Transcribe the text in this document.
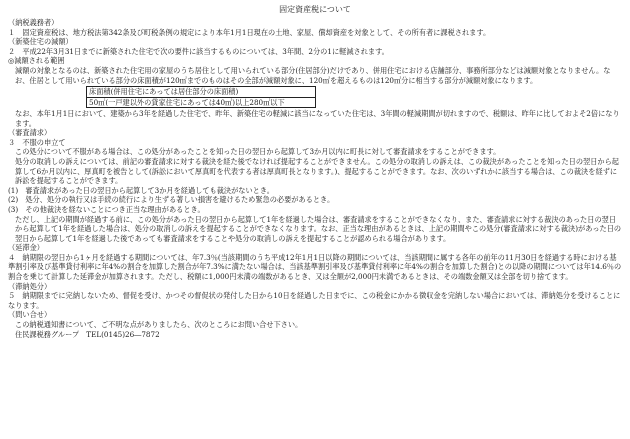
固定資産税について

（納税義務者）

１　固定資産税は、地方税法第342条及び町税条例の規定により本年1月1日現在の土地、家屋、償却資産を対象として、その所有者に課税されます。

（新築住宅の減額）

２　平成22年3月31日までに新築された住宅で次の要件に該当するものについては、3年間、2分の1に軽減されます。

◎減額される範囲

減額の対象となるのは、新築された住宅用の家屋のうち居住として用いられている部分(住居部分)だけであり、併用住宅における店舗部分、事務所部分などは減額対象となりません。なお、住居として用いられている部分の床面積が120㎡までのものはその全部が減額対象に、120㎡を超えるものは120㎡分に相当する部分が減額対象になります。

床面積(併用住宅にあっては居住部分の床面積)
50㎡(一戸建以外の貸家住宅にあっては40㎡)以上280㎡以下

なお、本年1月1日において、建築から3年を経過した住宅で、昨年、新築住宅の軽減に該当になっていた住宅は、3年間の軽減期間が切れますので、税額は、昨年に比しておよそ2倍になります。

（審査請求）

３　不服の申立て

この処分について不服がある場合は、この処分があったことを知った日の翌日から起算して3か月以内に町長に対して審査請求をすることができます。

処分の取消しの訴えについては、前記の審査請求に対する裁決を経た後でなければ提起することができません。この処分の取消しの訴えは、この裁決があったことを知った日の翌日から起算して6か月以内に、厚真町を被告として(訴訟において厚真町を代表する者は厚真町長となります。)、提起することができます。なお、次のいずれかに該当する場合は、この裁決を経ずに訴訟を提起することができます。

(1)　審査請求があった日の翌日から起算して3か月を経過しても裁決がないとき。

(2)　処分、処分の執行又は手続の続行により生ずる著しい損害を避けるため緊急の必要があるとき。

(3)　その他裁決を経ないことにつき正当な理由があるとき。

ただし、上記の期間が経過する前に、この処分があった日の翌日から起算して1年を経過した場合は、審査請求をすることができなくなり、また、審査請求に対する裁決のあった日の翌日から起算して1年を経過した場合は、処分の取消しの訴えを提起することができなくなります。なお、正当な理由があるときは、上記の期間やこの処分(審査請求に対する裁決)があった日の翌日から起算して1年を経過した後であっても審査請求をすることや処分の取消しの訴えを提起することが認められる場合があります。

（延滞金）

４　納期限の翌日から1ヶ月を経過する期間については、年7.3％(当該期間のうち平成12年1月1日以降の期間については、当該期間に属する各年の前年の11月30日を経過する時における基準割引率及び基準貸付利率に年4%の割合を加算した割合が年7.3%に満たない場合は、当該基準割引率及び基準貸付利率に年4%の割合を加算した割合)との以降の期間については年14.6％の割合を乗じて計算した延滞金が加算されます。ただし、税額に1,000円未満の端数があるとき、又は全額が2,000円未満であるときは、その端数金額又は全部を切り捨てます。

（滞納処分）

５　納期限までに完納しないため、督促を受け、かつその督促状の発付した日から10日を経過した日までに、この税金にかかる徴収金を完納しない場合においては、滞納処分を受けることになります。

（問い合せ）

この納税通知書について、ご不明な点がありましたら、次のところにお問い合せ下さい。

住民課税務グループ　TEL(0145)26―7872
